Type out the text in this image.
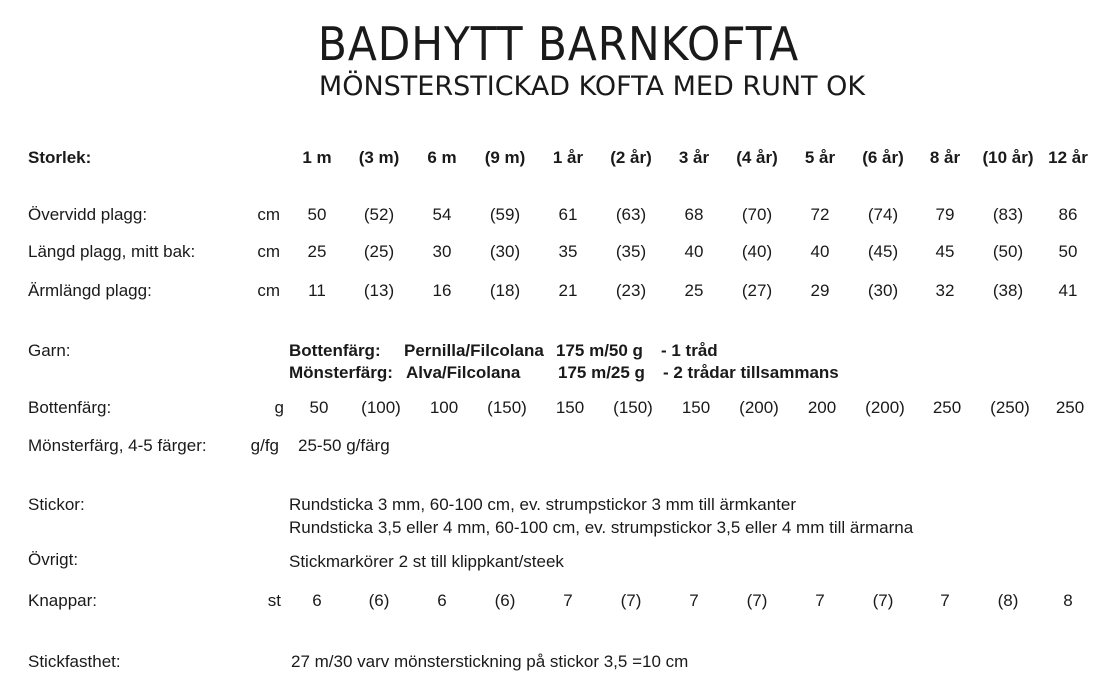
BADHYTT BARNKOFTA
MÖNSTERSTICKAD KOFTA MED RUNT OK
Storlek:	1 m	(3 m)	6 m	(9 m)	1 år	(2 år)	3 år	(4 år)	5 år	(6 år)	8 år	(10 år) 12 år
Övervidd plagg:	cm	50	(52)	54	(59)	61	(63)	68	(70)	72	(74)	79	(83)	86
Längd plagg, mitt bak:	cm	25	(25)	30	(30)	35	(35)	40	(40)	40	(45)	45	(50)	50
Ärmlängd plagg:	cm	11	(13)	16	(18)	21	(23)	25	(27)	29	(30)	32	(38)	41
Garn:	Bottenfärg: Pernilla/Filcolana 175 m/50 g - 1 tråd
Mönsterfärg: Alva/Filcolana 175 m/25 g - 2 trådar tillsammans
Bottenfärg:	g	50	(100)	100	(150)	150	(150)	150	(200)	200	(200)	250	(250)	250
Mönsterfärg, 4-5 färger:	g/fg 25-50 g/färg
Stickor:	Rundsticka 3 mm, 60-100 cm, ev. strumpstickor 3 mm till ärmkanter
Rundsticka 3,5 eller 4 mm, 60-100 cm, ev. strumpstickor 3,5 eller 4 mm till ärmarna
Övrigt:	Stickmarkörer 2 st till klippkant/steek
Knappar:	st	6	(6)	6	(6)	7	(7)	7	(7)	7	(7)	7	(8)	8
Stickfasthet:	27 m/30 varv mönsterstickning på stickor 3,5 =10 cm
